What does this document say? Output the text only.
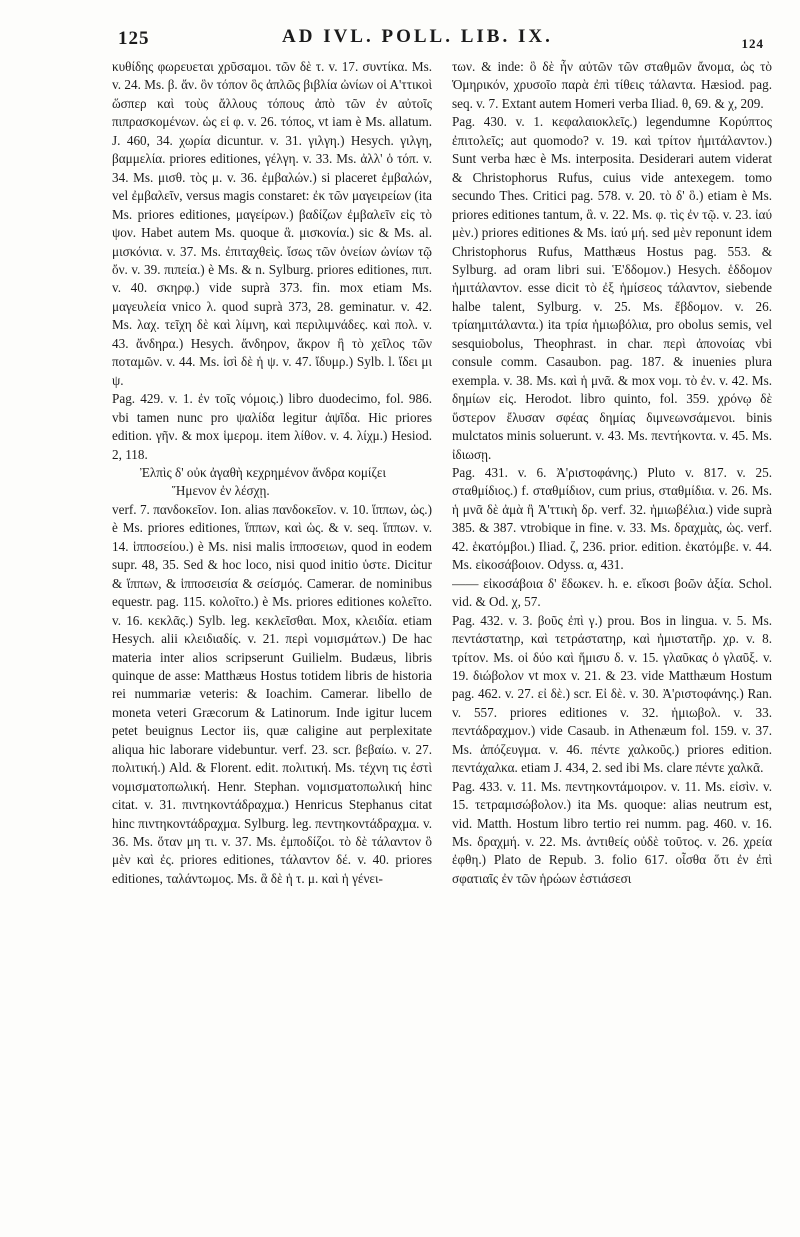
125	AD IVL. POLL. LIB. IX.	124

κυθίδης φωρευεται χρῦσαμοι. τῶν δὲ τ. v. 17. συντίκα. Ms. v. 24. Ms. β. ἄν. ὃν τόπον ὃς ἀπλῶς βιβλία ὠνίων οἱ Α'ττικοὶ ὥσπερ καὶ τοὺς ἄλλους τόπους ἀπὸ τῶν ἐν αὐτοῖς πιπρασκομένων. ὡς εἰ φ. v. 26. τόπος, vt iam è Ms. allatum. J. 460, 34. χωρία dicuntur. v. 31. γιλγη.) Hesych. γιλγη, βαμμελία. priores editiones, γέλγη. v. 33. Ms. ἀλλ' ὁ τόπ. v. 34. Ms. μισθ. τὸς μ. v. 36. ἐμβαλών.) si placeret ἐμβαλών, vel ἐμβαλεῖν, versus magis constaret: ἐκ τῶν μαγειρείων (ita Ms. priores editiones, μαγείρων.) βαδίζων ἐμβαλεῖν εἰς τὸ ψον. Habet autem Ms. quoque ἃ. μισκονία.) sic & Ms. al. μισκόνια. v. 37. Ms. ἐπιταχθεὶς. ἴσως τῶν ὀνείων ὠνίων τῷ ὄν. v. 39. πιπεία.) è Ms. & n. Sylburg. priores editiones, πιπ. v. 40. σκηρφ.) vide suprà 373. fin. mox etiam Ms. μαγευλεία vnico λ. quod suprà 373, 28. geminatur. v. 42. Ms. λαχ. τεῖχη δὲ καὶ λίμνη, καὶ περιλιμνάδες. καὶ πολ. v. 43. ἄνδηρα.) Hesych. ἄνδηρον, ἄκρον ἢ τὸ χεῖλος τῶν ποταμῶν. v. 44. Ms. ἰσὶ δὲ ἡ ψ. v. 47. ἴδυμρ.) Sylb. l. ἴδει μι ψ.

Pag. 429. v. 1. ἐν τοῖς νόμοις.) libro duodecimo, fol. 986. vbi tamen nunc pro ψαλίδα legitur ἀψῖδα. Hic priores edition. γῆν. & mox ἱμερομ. item λίθον. v. 4. λίχμ.) Hesiod. 2, 118.

Ἐλπὶς δ' οὐκ ἀγαθὴ κεχρημένον ἄνδρα κομίζει

Ἥμενον ἐν λέσχῃ.

verf. 7. πανδοκεῖον. Ion. alias πανδοκεῖον. v. 10. ἵππων, ὡς.) è Ms. priores editiones, ἵππων, καὶ ὡς. & v. seq. ἵππων. v. 14. ἱπποσείου.) è Ms. nisi malis ἱπποσειων, quod in eodem supr. 48, 35. Sed & hoc loco, nisi quod initio ὑστε. Dicitur & ἵππων, & ἱπποσεισία & σείσμός. Camerar. de nominibus equestr. pag. 115. κολοῖτο.) è Ms. priores editiones κολεῖτο. v. 16. κεκλᾶς.) Sylb. leg. κεκλεῖσθαι. Mox, κλειδία. etiam Hesych. alii κλειδιαδίς. v. 21. περὶ νομισμάτων.) De hac materia inter alios scripserunt Guilielm. Budæus, libris quinque de asse: Matthæus Hostus totidem libris de historia rei nummariæ veteris: & Ioachim. Camerar. libello de moneta veteri Græcorum & Latinorum. Inde igitur lucem petet beuignus Lector iis, quæ caligine aut perplexitate aliqua hic laborare videbuntur. verf. 23. scr. βεβαίω. v. 27. πολιτική.) Ald. & Florent. edit. πολιτική. Ms. τέχνη τις ἐστὶ νομισματοπωλική. Henr. Stephan. νομισματοπωλική hinc citat. v. 31. πιντηκοντάδραχμα.) Henricus Stephanus citat hinc πιντηκοντάδραχμα. Sylburg. leg. πεντηκοντάδραχμα. v. 36. Ms. ὅταν μη τι. v. 37. Ms. ἐμποδίζοι. τὸ δὲ τάλαντον ὃ μὲν καὶ ἐς. priores editiones, τάλαντον δέ. v. 40. priores editiones, ταλάντωμος. Ms. ἃ δὲ ἡ τ. μ. καὶ ἡ γένει-

των. & inde: ὃ δὲ ἦν αὐτῶν τῶν σταθμῶν ἄνομα, ὡς τὸ Ὁμηρικόν, χρυσοῖο παρὰ ἐπὶ τίθεις τάλαντα. Hæsiod. pag. seq. v. 7. Extant autem Homeri verba Iliad. θ, 69. & χ, 209.

Pag. 430. v. 1. κεφαλαιοκλεῖς.) legendumne Κορύπτος ἐπιτολεῖς; aut quomodo? v. 19. καὶ τρίτον ἡμιτάλαντον.) Sunt verba hæc è Ms. interposita. Desiderari autem viderat & Christophorus Rufus, cuius vide antexegem. tomo secundo Thes. Critici pag. 578. v. 20. τὸ δ' ὃ.) etiam è Ms. priores editiones tantum, ἃ. v. 22. Ms. φ. τὶς ἐν τῷ. v. 23. ἰαύ μὲν.) priores editiones & Ms. ἰαύ μή. sed μὲν reponunt idem Christophorus Rufus, Matthæus Hostus pag. 553. & Sylburg. ad oram libri sui. Ἑ'δδομον.) Hesych. ἑδδομον ἡμιτάλαντον. esse dicit τὸ ἐξ ἡμίσεος τάλαντον, siebende halbe talent, Sylburg. v. 25. Ms. ἔβδομον. v. 26. τρίαημιτάλαντα.) ita τρία ἡμιωβόλια, pro obolus semis, vel sesquiobolus, Theophrast. in char. περὶ ἀπονοίας vbi consule comm. Casaubon. pag. 187. & inuenies plura exempla. v. 38. Ms. καὶ ἡ μνᾶ. & mox νομ. τὸ ἐν. v. 42. Ms. δημίων εἰς. Herodot. libro quinto, fol. 359. χρόνῳ δὲ ὕστερον ἔλυσαν σφέας δημίας διμνεωνσάμενοι. binis mulctatos minis soluerunt. v. 43. Ms. πεντήκοντα. v. 45. Ms. ἰδιωσῃ.

Pag. 431. v. 6. Ἀ'ριστοφάνης.) Pluto v. 817. v. 25. σταθμίδιος.) f. σταθμίδιον, cum prius, σταθμίδια. v. 26. Ms. ἡ μνᾶ δὲ ἀμὰ ἢ Ἀ'ττικὴ δρ. verf. 32. ἡμιωβέλια.) vide suprà 385. & 387. vtrobique in fine. v. 33. Ms. δραχμὰς, ὡς. verf. 42. ἑκατόμβοι.) Iliad. ζ, 236. prior. edition. ἑκατόμβε. v. 44. Ms. εἰκοσάβοιον. Odyss. α, 431.

—— εἰκοσάβοια δ' ἔδωκεν. h. e. εἴκοσι βοῶν ἀξία. Schol. vid. & Od. χ, 57.

Pag. 432. v. 3. βοῦς ἐπὶ γ.) prou. Bos in lingua. v. 5. Ms. πεντάστατηρ, καὶ τετράστατηρ, καὶ ἡμιστατῆρ. χρ. v. 8. τρίτον. Ms. οἱ δύο καὶ ἥμισυ δ. v. 15. γλαῦκας ὁ γλαῦξ. v. 19. διώβολον vt mox v. 21. & 23. vide Matthæum Hostum pag. 462. v. 27. εἰ δὲ.) scr. Εἰ δὲ. v. 30. Ἀ'ριστοφάνης.) Ran. v. 557. priores editiones v. 32. ἡμιωβολ. v. 33. πεντάδραχμον.) vide Casaub. in Athenæum fol. 159. v. 37. Ms. ἀπόζευγμα. v. 46. πέντε χαλκοῦς.) priores edition. πεντάχαλκα. etiam J. 434, 2. sed ibi Ms. clare πέντε χαλκᾶ.

Pag. 433. v. 11. Ms. πεντηκοντάμοιρον. v. 11. Ms. εἰσὶν. v. 15. τετραμισώβολον.) ita Ms. quoque: alias neutrum est, vid. Matth. Hostum libro tertio rei numm. pag. 460. v. 16. Ms. δραχμή. v. 22. Ms. ἀντιθείς οὐδὲ τοῦτος. v. 26. χρεία ἐφθη.) Plato de Repub. 3. folio 617. οἷσθα ὅτι ἐν ἐπὶ σφατιαῖς ἐν τῶν ἡρώων ἑστιάσεσι
